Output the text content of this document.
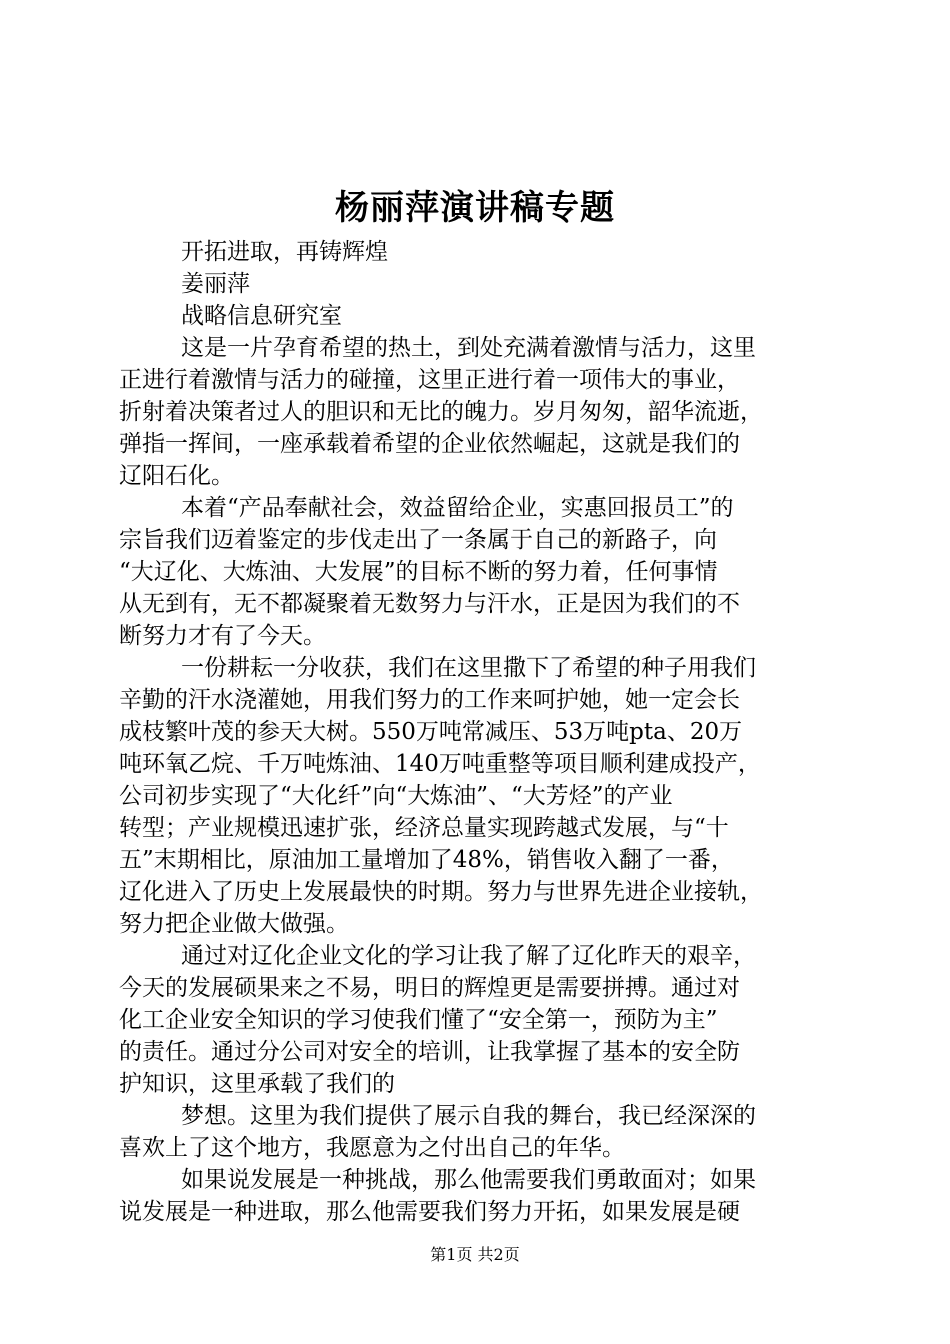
杨丽萍演讲稿专题
开拓进取，再铸辉煌
姜丽萍
战略信息研究室
这是一片孕育希望的热土，到处充满着激情与活力，这里
正进行着激情与活力的碰撞，这里正进行着一项伟大的事业，
折射着决策者过人的胆识和无比的魄力。岁月匆匆，韶华流逝，
弹指一挥间，一座承载着希望的企业依然崛起，这就是我们的
辽阳石化。
本着“产品奉献社会，效益留给企业，实惠回报员工”的
宗旨我们迈着鉴定的步伐走出了一条属于自己的新路子，向
“大辽化、大炼油、大发展”的目标不断的努力着，任何事情
从无到有，无不都凝聚着无数努力与汗水，正是因为我们的不
断努力才有了今天。
一份耕耘一分收获，我们在这里撒下了希望的种子用我们
辛勤的汗水浇灌她，用我们努力的工作来呵护她，她一定会长
成枝繁叶茂的参天大树。550万吨常减压、53万吨pta、20万
吨环氧乙烷、千万吨炼油、140万吨重整等项目顺利建成投产，
公司初步实现了“大化纤”向“大炼油”、“大芳烃”的产业
转型；产业规模迅速扩张，经济总量实现跨越式发展，与“十
五”末期相比，原油加工量增加了48%，销售收入翻了一番，
辽化进入了历史上发展最快的时期。努力与世界先进企业接轨，
努力把企业做大做强。
通过对辽化企业文化的学习让我了解了辽化昨天的艰辛，
今天的发展硕果来之不易，明日的辉煌更是需要拼搏。通过对
化工企业安全知识的学习使我们懂了“安全第一，预防为主”
的责任。通过分公司对安全的培训，让我掌握了基本的安全防
护知识，这里承载了我们的
梦想。这里为我们提供了展示自我的舞台，我已经深深的
喜欢上了这个地方，我愿意为之付出自己的年华。
如果说发展是一种挑战，那么他需要我们勇敢面对；如果
说发展是一种进取，那么他需要我们努力开拓，如果发展是硬
第1页 共2页
